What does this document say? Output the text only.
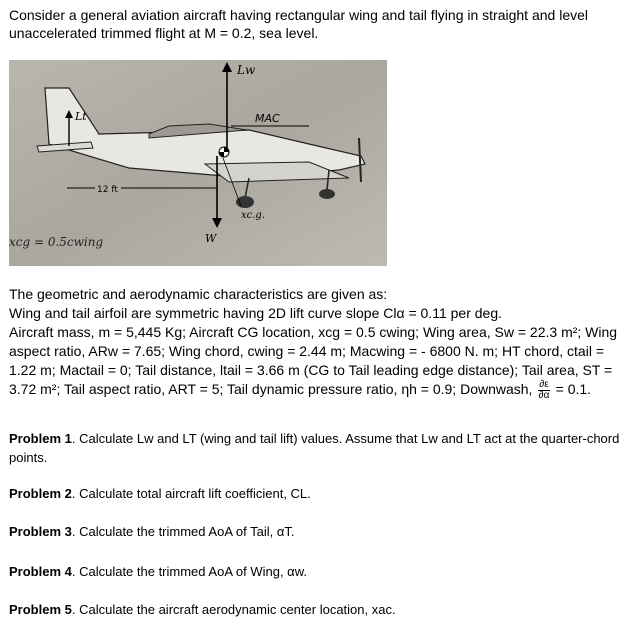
Consider a general aviation aircraft having rectangular wing and tail flying in straight and level unaccelerated trimmed flight at M = 0.2, sea level.
Lw
Lt	MAC
12 ft
xc.g.
W
xcg = 0.5cwing

The geometric and aerodynamic characteristics are given as:

Wing and tail airfoil are symmetric having 2D lift curve slope Clα = 0.11 per deg.

Aircraft mass, m = 5,445 Kg; Aircraft CG location, xcg = 0.5 cwing; Wing area, Sw = 22.3 m²; Wing

aspect ratio, ARw = 7.65; Wing chord, cwing = 2.44 m; Macwing = - 6800 N. m; HT chord, ctail =

1.22 m; Mactail = 0; Tail distance, ltail = 3.66 m (CG to Tail leading edge distance); Tail area, ST =

3.72 m²; Tail aspect ratio, ART = 5; Tail dynamic pressure ratio, ηh = 0.9; Downwash, $\frac{\partial\varepsilon}{\partial\alpha} = 0.1$.

Problem 1. Calculate Lw and LT (wing and tail lift) values. Assume that Lw and LT act at the quarter-chord points.
Problem 2. Calculate total aircraft lift coefficient, CL.
Problem 3. Calculate the trimmed AoA of Tail, αT.
Problem 4. Calculate the trimmed AoA of Wing, αw.
Problem 5. Calculate the aircraft aerodynamic center location, xac.
